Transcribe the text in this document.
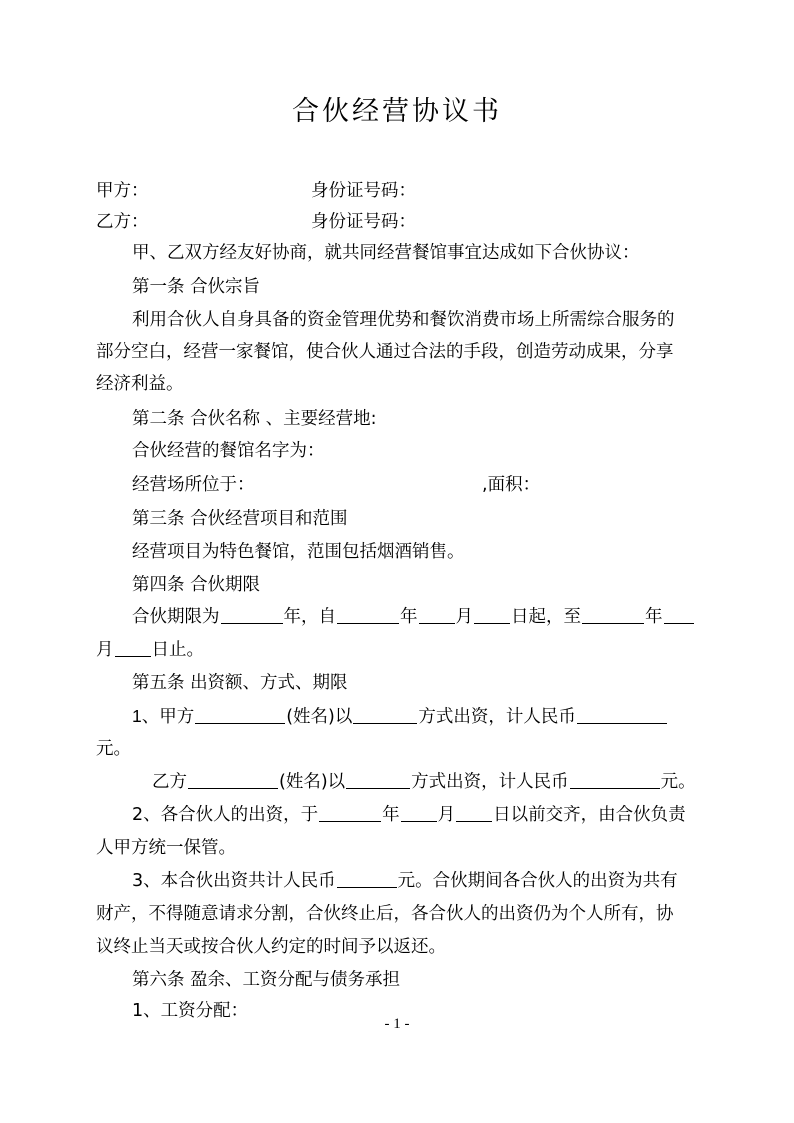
合伙经营协议书
甲方：	身份证号码：
乙方：	身份证号码：
甲、乙双方经友好协商，就共同经营餐馆事宜达成如下合伙协议：
第一条 合伙宗旨
利用合伙人自身具备的资金管理优势和餐饮消费市场上所需综合服务的
部分空白，经营一家餐馆，使合伙人通过合法的手段，创造劳动成果，分享
经济利益。
第二条 合伙名称 、主要经营地:
合伙经营的餐馆名字为：
经营场所位于：	,面积：
第三条 合伙经营项目和范围
经营项目为特色餐馆，范围包括烟酒销售。
第四条 合伙期限
合伙期限为	年，自	年 月 日起，至	年
月 日止。
第五条 出资额、方式、期限
1、甲方	(姓名)以	方式出资，计人民币
元。
乙方	(姓名)以	方式出资，计人民币	元。
2、各合伙人的出资，于	年 月 日以前交齐，由合伙负责
人甲方统一保管。
3、本合伙出资共计人民币	元。合伙期间各合伙人的出资为共有
财产，不得随意请求分割，合伙终止后，各合伙人的出资仍为个人所有，协
议终止当天或按合伙人约定的时间予以返还。
第六条 盈余、工资分配与债务承担
1、工资分配：
- 1 -
